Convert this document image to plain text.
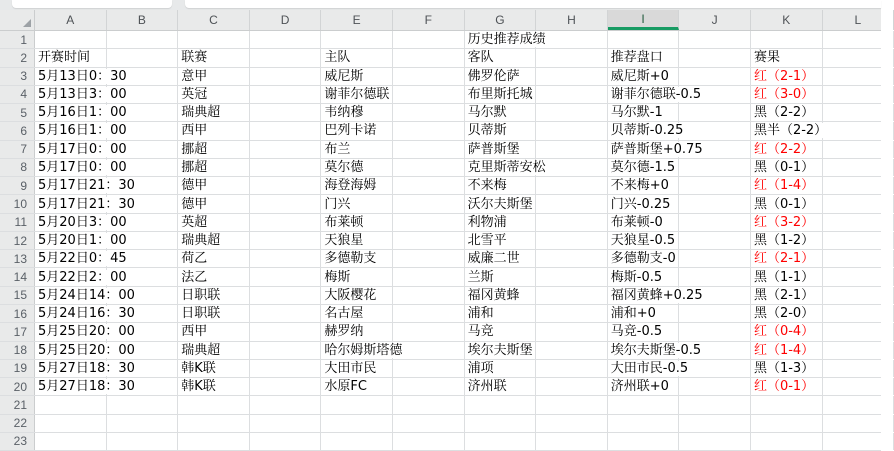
A	B	C	D	E	F	G	H	I	J	K	L
1	历史推荐成绩
2 开赛时间	联赛	主队	客队	推荐盘口	赛果
3 5月13日0：30	意甲	威尼斯	佛罗伦萨	威尼斯+0	红（2-1）
4 5月13日3：00	英冠	谢菲尔德联	布里斯托城	谢菲尔德联-0.5	红（3-0）
5 5月16日1：00	瑞典超	韦纳穆	马尔默	马尔默-1	黑（2-2）
6 5月16日1：00	西甲	巴列卡诺	贝蒂斯	贝蒂斯-0.25	黑半（2-2）
7 5月17日0：00	挪超	布兰	萨普斯堡	萨普斯堡+0.75	红（2-2）
8 5月17日0：00	挪超	莫尔德	克里斯蒂安松	莫尔德-1.5	黑（0-1）
9 5月17日21：30	德甲	海登海姆	不来梅	不来梅+0	红（1-4）
10 5月17日21：30	德甲	门兴	沃尔夫斯堡	门兴-0.25	黑（0-1）
11 5月20日3：00	英超	布莱顿	利物浦	布莱顿-0	红（3-2）
12 5月20日1：00	瑞典超	天狼星	北雪平	天狼星-0.5	黑（1-2）
13 5月22日0：45	荷乙	多德勒支	威廉二世	多德勒支-0	红（2-1）
14 5月22日2：00	法乙	梅斯	兰斯	梅斯-0.5	黑（1-1）
15 5月24日14：00	日职联	大阪樱花	福冈黄蜂	福冈黄蜂+0.25	黑（2-1）
16 5月24日16：30	日职联	名古屋	浦和	浦和+0	黑（2-0）
17 5月25日20：00	西甲	赫罗纳	马竞	马竞-0.5	红（0-4）
18 5月25日20：00	瑞典超	哈尔姆斯塔德	埃尔夫斯堡	埃尔夫斯堡-0.5	红（1-4）
19 5月27日18：30	韩K联	大田市民	浦项	大田市民-0.5	黑（1-3）
20 5月27日18：30	韩K联	水原FC	济州联	济州联+0	红（0-1）
21
22
23
